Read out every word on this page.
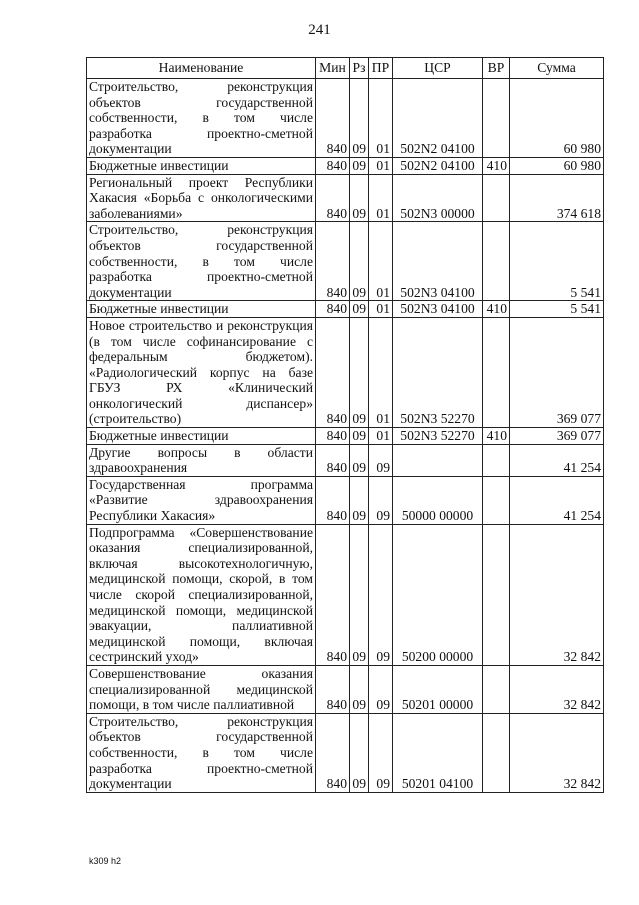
241
Наименование	Мин	Рз	ПР	ЦСР	ВР	Сумма
Строительство, реконструкция объектов государственной собственности, в том числе разработка проектно-сметной документации	840	09	01	502N2 04100		60 980
Бюджетные инвестиции	840	09	01	502N2 04100	410	60 980
Региональный проект Республики Хакасия «Борьба с онкологическими заболеваниями»	840	09	01	502N3 00000		374 618
Строительство, реконструкция объектов государственной собственности, в том числе разработка проектно-сметной документации	840	09	01	502N3 04100		5 541
Бюджетные инвестиции	840	09	01	502N3 04100	410	5 541
Новое строительство и реконструкция (в том числе софинансирование с федеральным бюджетом). «Радиологический корпус на базе ГБУЗ РХ «Клинический онкологический диспансер» (строительство)	840	09	01	502N3 52270		369 077
Бюджетные инвестиции	840	09	01	502N3 52270	410	369 077
Другие вопросы в области здравоохранения	840	09	09			41 254
Государственная программа «Развитие здравоохранения Республики Хакасия»	840	09	09	50000 00000		41 254
Подпрограмма «Совершенствование оказания специализированной, включая высокотехнологичную, медицинской помощи, скорой, в том числе скорой специализированной, медицинской помощи, медицинской эвакуации, паллиативной медицинской помощи, включая сестринский уход»	840	09	09	50200 00000		32 842
Совершенствование оказания специализированной медицинской помощи, в том числе паллиативной	840	09	09	50201 00000		32 842
Строительство, реконструкция объектов государственной собственности, в том числе разработка проектно-сметной документации	840	09	09	50201 04100		32 842
k309 h2
